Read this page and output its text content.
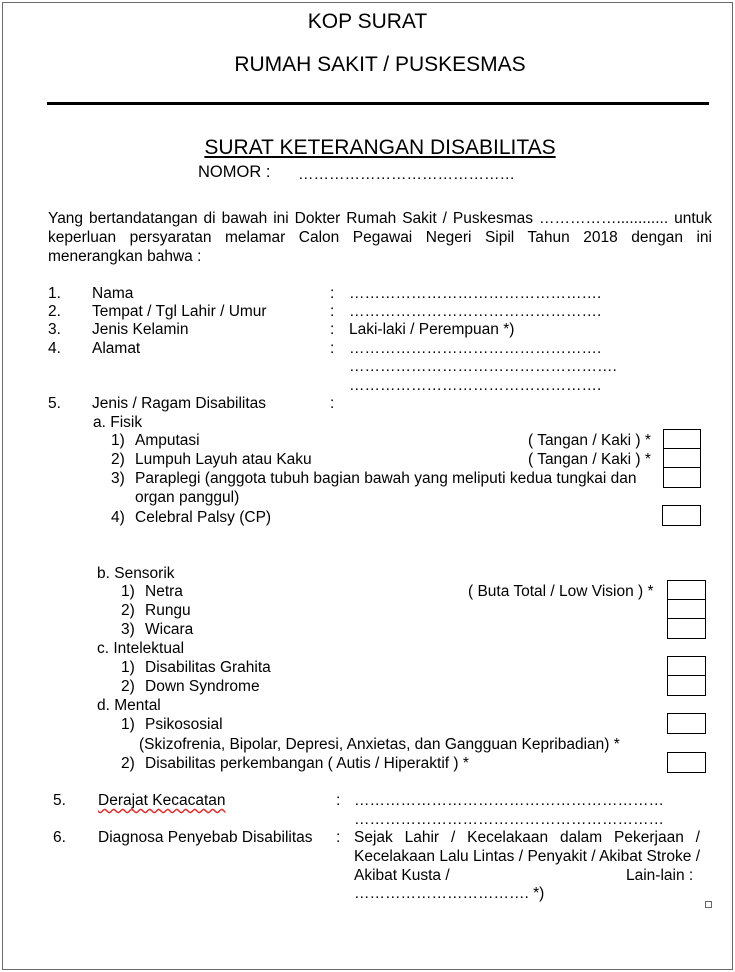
KOP SURAT
RUMAH SAKIT / PUSKESMAS
SURAT KETERANGAN DISABILITAS
NOMOR : ……………………………………
Yang bertandatangan di bawah ini Dokter Rumah Sakit / Puskesmas ……………............ untuk keperluan persyaratan melamar Calon Pegawai Negeri Sipil Tahun 2018 dengan ini menerangkan bahwa :
1. Nama	: ………………………………………….
2. Tempat / Tgl Lahir / Umur	: ………………………………………….
3. Jenis Kelamin	: Laki-laki / Perempuan *)
4. Alamat	: ………………………………………….
…………………………………………….
………………………………………….
5. Jenis / Ragam Disabilitas	:
a. Fisik
1) Amputasi	( Tangan / Kaki ) *
2) Lumpuh Layuh atau Kaku	( Tangan / Kaki ) *
3) Paraplegi (anggota tubuh bagian bawah yang meliputi kedua tungkai dan
organ panggul)
4) Celebral Palsy (CP)
b. Sensorik
1) Netra	( Buta Total / Low Vision ) *
2) Rungu
3) Wicara
c. Intelektual
1) Disabilitas Grahita
2) Down Syndrome
d. Mental
1) Psikososial
(Skizofrenia, Bipolar, Depresi, Anxietas, dan Gangguan Kepribadian) *
2) Disabilitas perkembangan ( Autis / Hiperaktif ) *
5. Derajat Kecacatan	: ……………………………………………………
……………………………………………………
6. Diagnosa Penyebab Disabilitas : Sejak Lahir / Kecelakaan dalam Pekerjaan / Kecelakaan Lalu Lintas / Penyakit / Akibat Stroke / Akibat Kusta /	Lain-lain :
……………………………. *)
